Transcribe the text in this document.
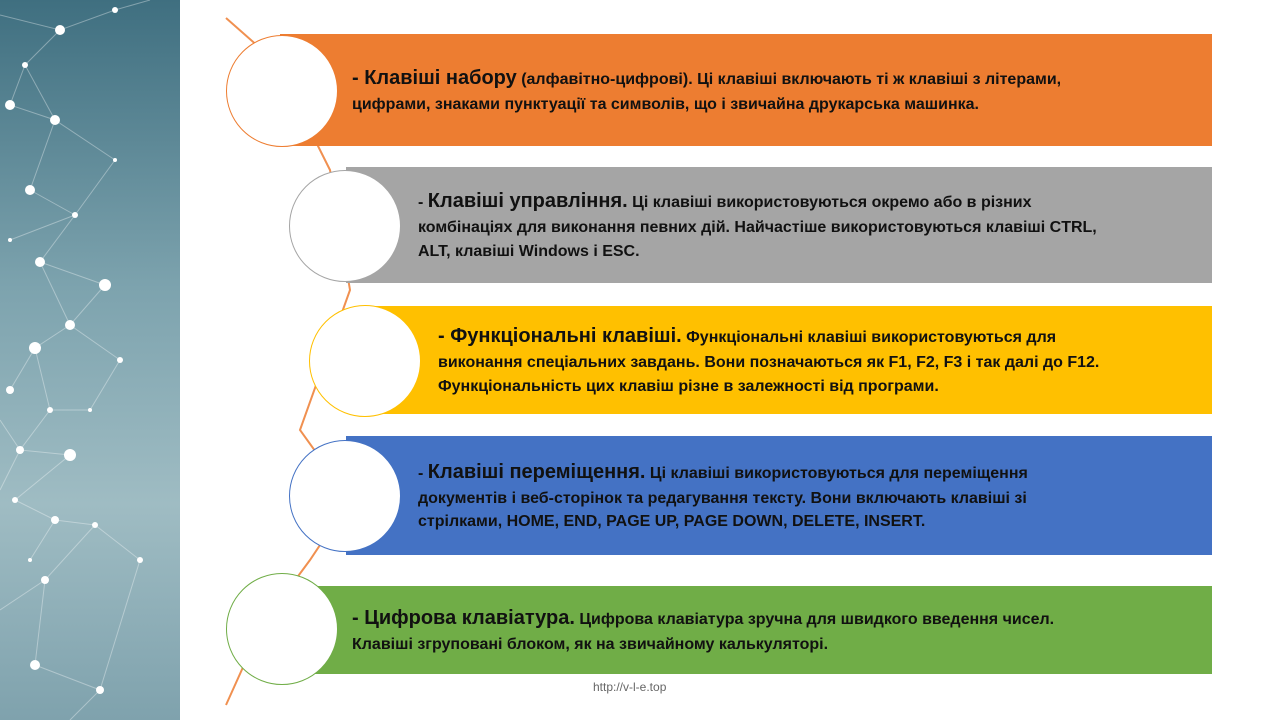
- Клавіші набору (алфавітно-цифрові). Ці клавіші включають ті ж клавіші з літерами,
цифрами, знаками пунктуації та символів, що і звичайна друкарська машинка.
- Клавіші управління. Ці клавіші використовуються окремо або в різних
комбінаціях для виконання певних дій. Найчастіше використовуються клавіші CTRL,
ALT, клавіші Windows і ESC.
- Функціональні клавіші. Функціональні клавіші використовуються для
виконання спеціальних завдань. Вони позначаються як F1, F2, F3 і так далі до F12.
Функціональність цих клавіш різне в залежності від програми.
- Клавіші переміщення. Ці клавіші використовуються для переміщення
документів і веб-сторінок та редагування тексту. Вони включають клавіші зі
стрілками, HOME, END, PAGE UP, PAGE DOWN, DELETE, INSERT.
- Цифрова клавіатура. Цифрова клавіатура зручна для швидкого введення чисел.
Клавіші згруповані блоком, як на звичайному калькуляторі.
http://v-l-e.top
